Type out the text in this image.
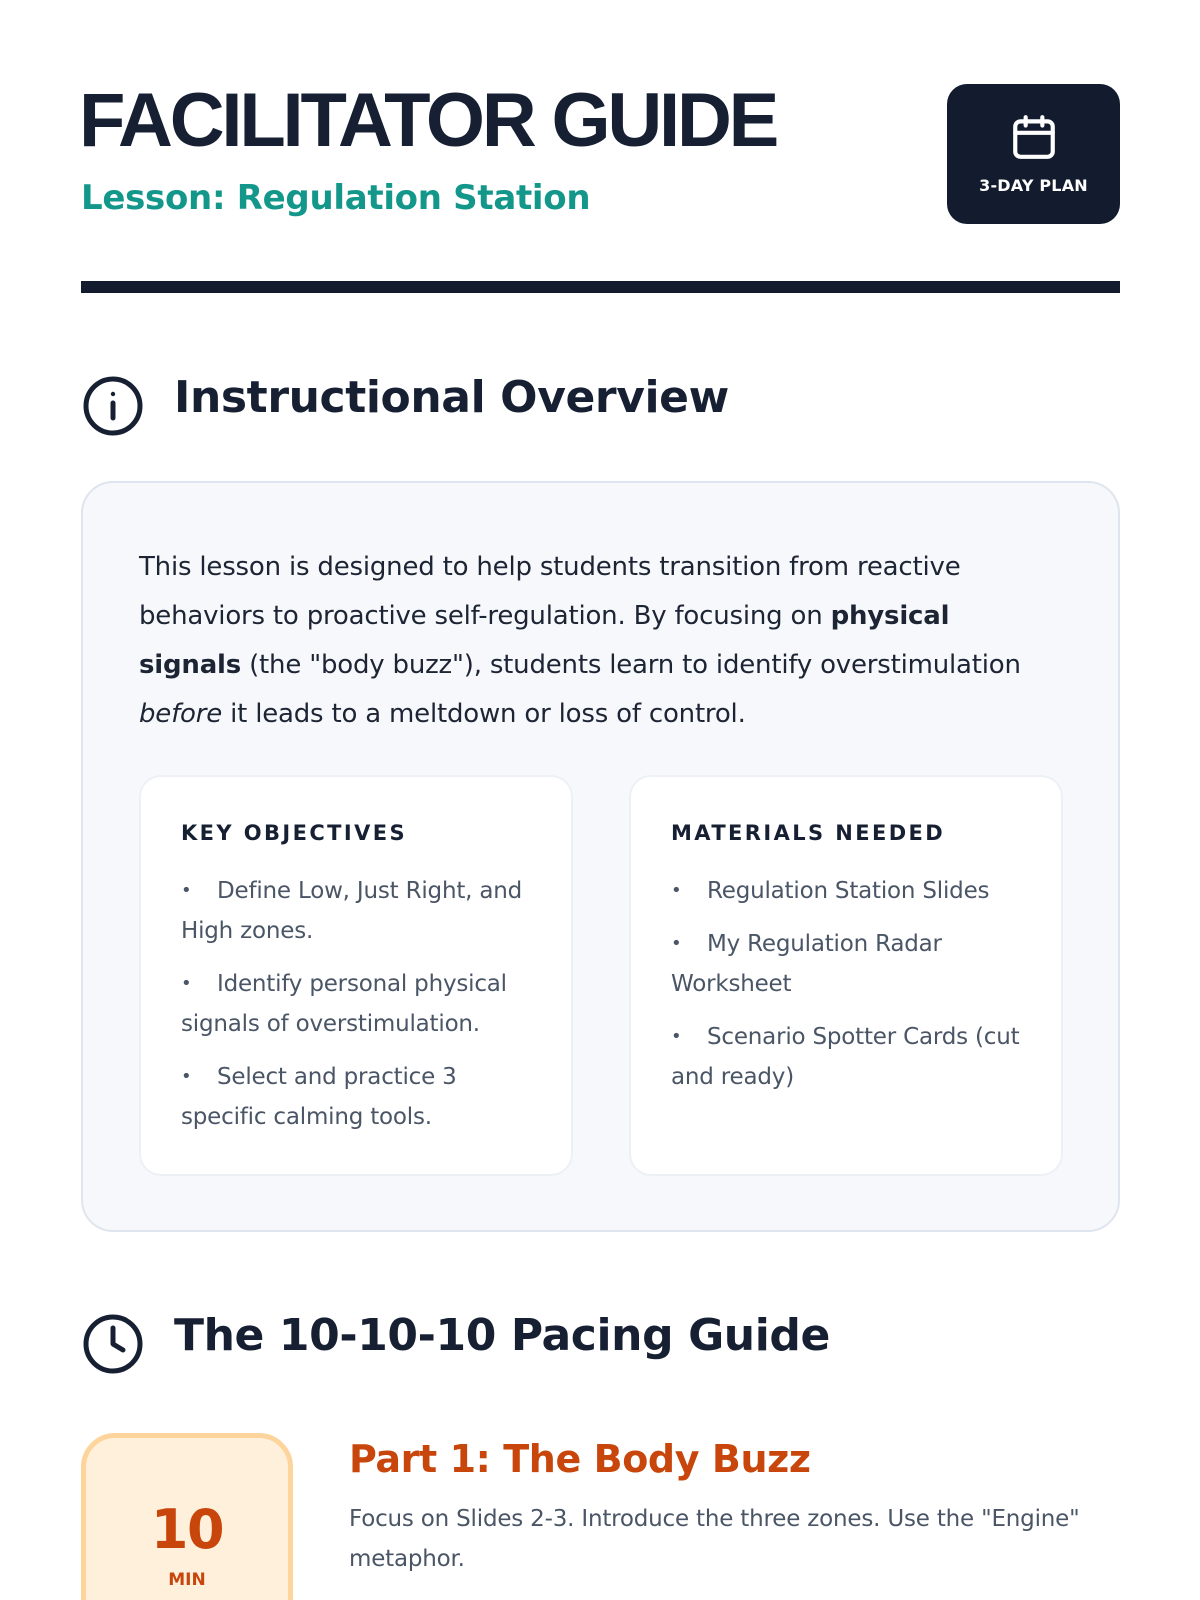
FACILITATOR GUIDE
Lesson: Regulation Station	3-DAY PLAN
Instructional Overview

This lesson is designed to help students transition from reactive behaviors to proactive self-regulation. By focusing on physical signals (the "body buzz"), students learn to identify overstimulation before it leads to a meltdown or loss of control.

KEY OBJECTIVES
• Define Low, Just Right, and High zones.
• Identify personal physical signals of overstimulation.
• Select and practice 3 specific calming tools.
MATERIALS NEEDED
• Regulation Station Slides
• My Regulation Radar Worksheet
• Scenario Spotter Cards (cut and ready)
The 10-10-10 Pacing Guide
10
MIN
Part 1: The Body Buzz

Focus on Slides 2-3. Introduce the three zones. Use the "Engine" metaphor.
